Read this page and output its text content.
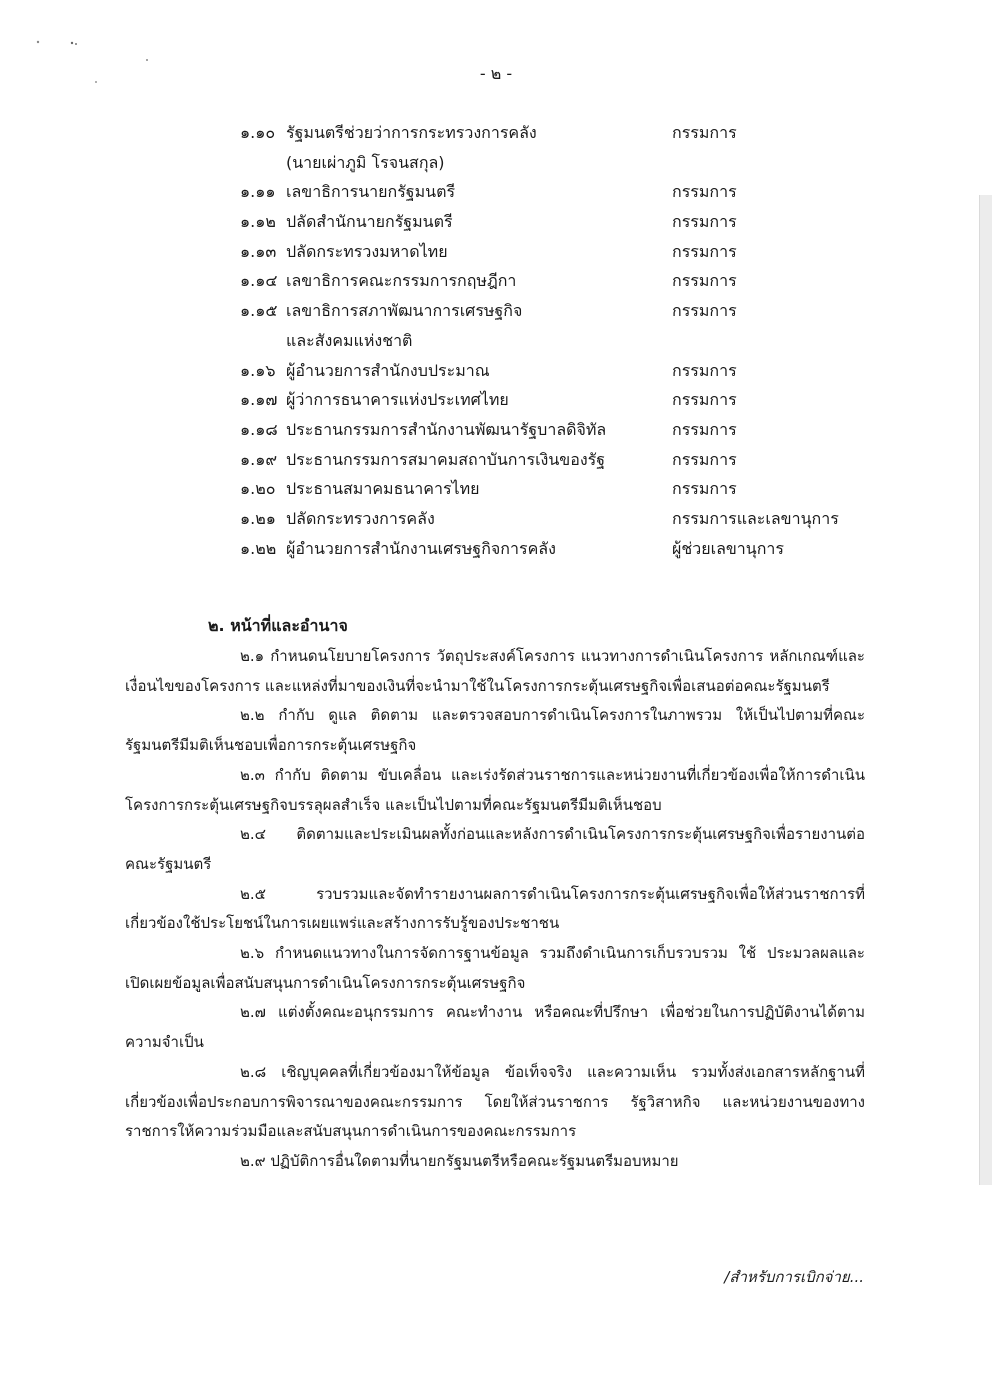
- ๒ -
๑.๑๐ รัฐมนตรีช่วยว่าการกระทรวงการคลัง	กรรมการ
(นายเผ่าภูมิ โรจนสกุล)
๑.๑๑ เลขาธิการนายกรัฐมนตรี	กรรมการ
๑.๑๒ ปลัดสำนักนายกรัฐมนตรี	กรรมการ
๑.๑๓ ปลัดกระทรวงมหาดไทย	กรรมการ
๑.๑๔ เลขาธิการคณะกรรมการกฤษฎีกา	กรรมการ
๑.๑๕ เลขาธิการสภาพัฒนาการเศรษฐกิจ	กรรมการ
และสังคมแห่งชาติ
๑.๑๖ ผู้อำนวยการสำนักงบประมาณ	กรรมการ
๑.๑๗ ผู้ว่าการธนาคารแห่งประเทศไทย	กรรมการ
๑.๑๘ ประธานกรรมการสำนักงานพัฒนารัฐบาลดิจิทัล	กรรมการ
๑.๑๙ ประธานกรรมการสมาคมสถาบันการเงินของรัฐ	กรรมการ
๑.๒๐ ประธานสมาคมธนาคารไทย	กรรมการ
๑.๒๑ ปลัดกระทรวงการคลัง	กรรมการและเลขานุการ
๑.๒๒ ผู้อำนวยการสำนักงานเศรษฐกิจการคลัง	ผู้ช่วยเลขานุการ
๒. หน้าที่และอำนาจ

๒.๑ กำหนดนโยบายโครงการ วัตถุประสงค์โครงการ แนวทางการดำเนินโครงการ หลักเกณฑ์และเงื่อนไขของโครงการ และแหล่งที่มาของเงินที่จะนำมาใช้ในโครงการกระตุ้นเศรษฐกิจเพื่อเสนอต่อคณะรัฐมนตรี

๒.๒ กำกับ ดูแล ติดตาม และตรวจสอบการดำเนินโครงการในภาพรวม ให้เป็นไปตามที่คณะรัฐมนตรีมีมติเห็นชอบเพื่อการกระตุ้นเศรษฐกิจ

๒.๓ กำกับ ติดตาม ขับเคลื่อน และเร่งรัดส่วนราชการและหน่วยงานที่เกี่ยวข้องเพื่อให้การดำเนินโครงการกระตุ้นเศรษฐกิจบรรลุผลสำเร็จ และเป็นไปตามที่คณะรัฐมนตรีมีมติเห็นชอบ

๒.๔ ติดตามและประเมินผลทั้งก่อนและหลังการดำเนินโครงการกระตุ้นเศรษฐกิจเพื่อรายงานต่อคณะรัฐมนตรี

๒.๕ รวบรวมและจัดทำรายงานผลการดำเนินโครงการกระตุ้นเศรษฐกิจเพื่อให้ส่วนราชการที่เกี่ยวข้องใช้ประโยชน์ในการเผยแพร่และสร้างการรับรู้ของประชาชน

๒.๖ กำหนดแนวทางในการจัดการฐานข้อมูล รวมถึงดำเนินการเก็บรวบรวม ใช้ ประมวลผลและเปิดเผยข้อมูลเพื่อสนับสนุนการดำเนินโครงการกระตุ้นเศรษฐกิจ

๒.๗ แต่งตั้งคณะอนุกรรมการ คณะทำงาน หรือคณะที่ปรึกษา เพื่อช่วยในการปฏิบัติงานได้ตามความจำเป็น

๒.๘ เชิญบุคคลที่เกี่ยวข้องมาให้ข้อมูล ข้อเท็จจริง และความเห็น รวมทั้งส่งเอกสารหลักฐานที่เกี่ยวข้องเพื่อประกอบการพิจารณาของคณะกรรมการ โดยให้ส่วนราชการ รัฐวิสาหกิจ และหน่วยงานของทางราชการให้ความร่วมมือและสนับสนุนการดำเนินการของคณะกรรมการ

๒.๙ ปฏิบัติการอื่นใดตามที่นายกรัฐมนตรีหรือคณะรัฐมนตรีมอบหมาย

/สำหรับการเบิกจ่าย...
